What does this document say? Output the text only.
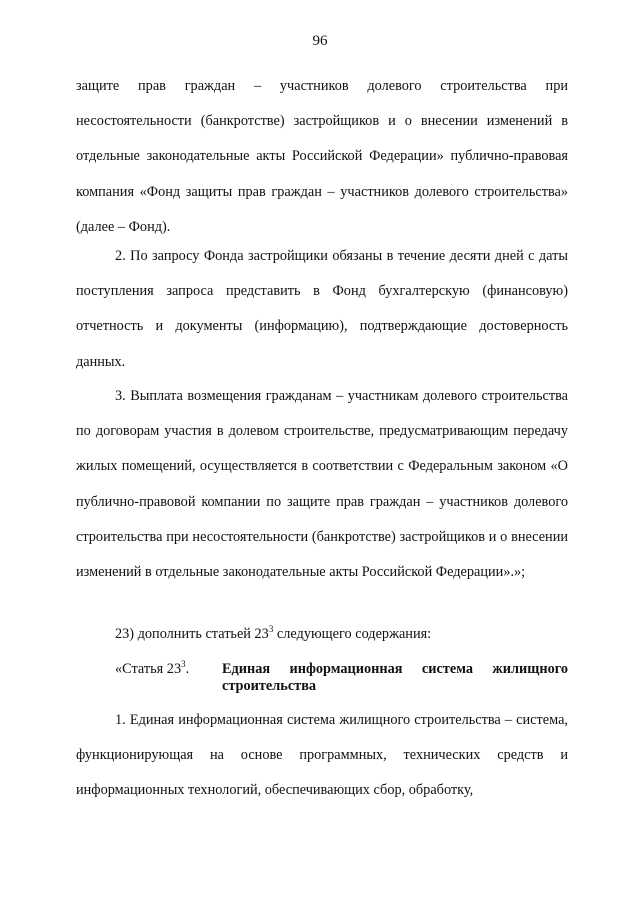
96

защите прав граждан – участников долевого строительства при несостоятельности (банкротстве) застройщиков и о внесении изменений в отдельные законодательные акты Российской Федерации» публично-правовая компания «Фонд защиты прав граждан – участников долевого строительства» (далее – Фонд).

2. По запросу Фонда застройщики обязаны в течение десяти дней с даты поступления запроса представить в Фонд бухгалтерскую (финансовую) отчетность и документы (информацию), подтверждающие достоверность данных.

3. Выплата возмещения гражданам – участникам долевого строительства по договорам участия в долевом строительстве, предусматривающим передачу жилых помещений, осуществляется в соответствии с Федеральным законом «О публично-правовой компании по защите прав граждан – участников долевого строительства при несостоятельности (банкротстве) застройщиков и о внесении изменений в отдельные законодательные акты Российской Федерации».»;

23) дополнить статьей $23^3$ следующего содержания:

«Статья $23^3$. Единая информационная система жилищного строительства

1. Единая информационная система жилищного строительства – система, функционирующая на основе программных, технических средств и информационных технологий, обеспечивающих сбор, обработку,
